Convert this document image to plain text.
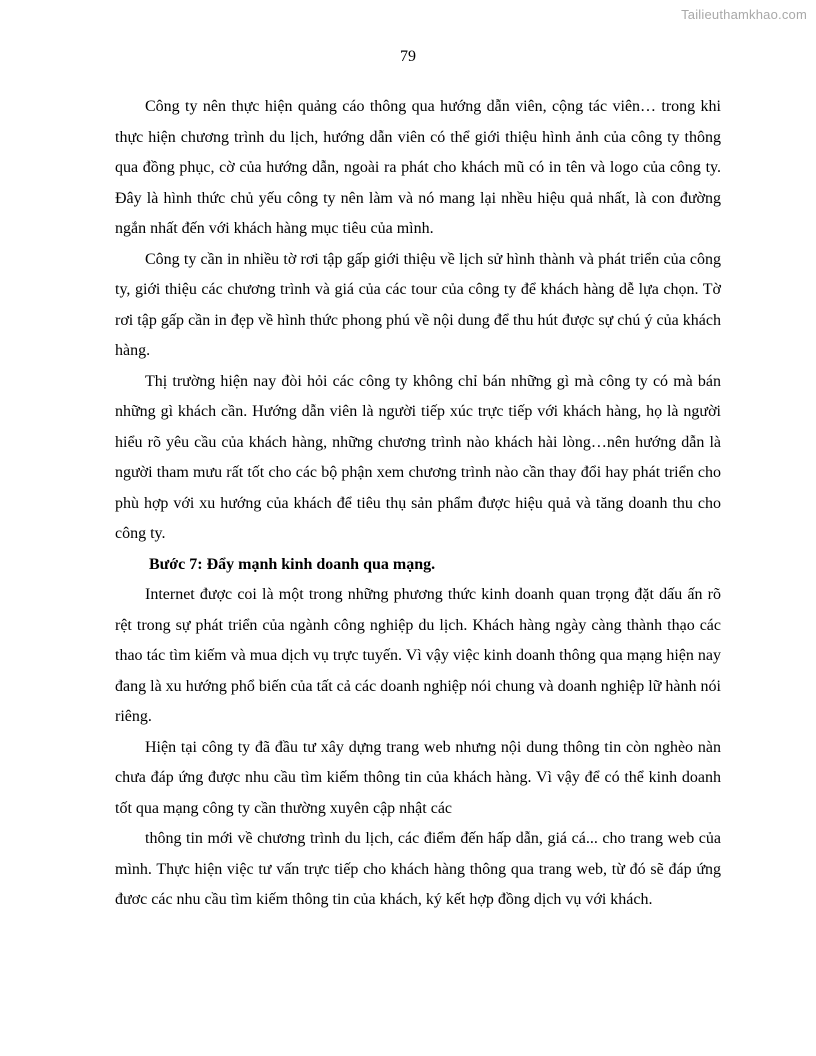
Tailieuthamkhao.com
79

Công ty nên thực hiện quảng cáo thông qua hướng dẫn viên, cộng tác viên… trong khi thực hiện chương trình du lịch, hướng dẫn viên có thể giới thiệu hình ảnh của công ty thông qua đồng phục, cờ của hướng dẫn, ngoài ra phát cho khách mũ có in tên và logo của công ty. Đây là hình thức chủ yếu công ty nên làm và nó mang lại nhều hiệu quả nhất, là con đường ngắn nhất đến với khách hàng mục tiêu của mình.

Công ty cần in nhiều tờ rơi tập gấp giới thiệu về lịch sử hình thành và phát triển của công ty, giới thiệu các chương trình và giá của các tour của công ty để khách hàng dễ lựa chọn. Tờ rơi tập gấp cần in đẹp về hình thức phong phú về nội dung để thu hút được sự chú ý của khách hàng.

Thị trường hiện nay đòi hỏi các công ty không chỉ bán những gì mà công ty có mà bán những gì khách cần. Hướng dẫn viên là người tiếp xúc trực tiếp với khách hàng, họ là người hiểu rõ yêu cầu của khách hàng, những chương trình nào khách hài lòng…nên hướng dẫn là người tham mưu rất tốt cho các bộ phận xem chương trình nào cần thay đổi hay phát triển cho phù hợp với xu hướng của khách để tiêu thụ sản phẩm được hiệu quả và tăng doanh thu cho công ty.

Bước 7: Đẩy mạnh kinh doanh qua mạng.

Internet được coi là một trong những phương thức kinh doanh quan trọng đặt dấu ấn rõ rệt trong sự phát triển của ngành công nghiệp du lịch. Khách hàng ngày càng thành thạo các thao tác tìm kiếm và mua dịch vụ trực tuyến. Vì vậy việc kinh doanh thông qua mạng hiện nay đang là xu hướng phổ biến của tất cả các doanh nghiệp nói chung và doanh nghiệp lữ hành nói riêng.

Hiện tại công ty đã đầu tư xây dựng trang web nhưng nội dung thông tin còn nghèo nàn chưa đáp ứng được nhu cầu tìm kiếm thông tin của khách hàng. Vì vậy để có thể kinh doanh tốt qua mạng công ty cần thường xuyên cập nhật các

thông tin mới về chương trình du lịch, các điểm đến hấp dẫn, giá cá... cho trang web của mình. Thực hiện việc tư vấn trực tiếp cho khách hàng thông qua trang web, từ đó sẽ đáp ứng đươc các nhu cầu tìm kiếm thông tin của khách, ký kết hợp đồng dịch vụ với khách.
